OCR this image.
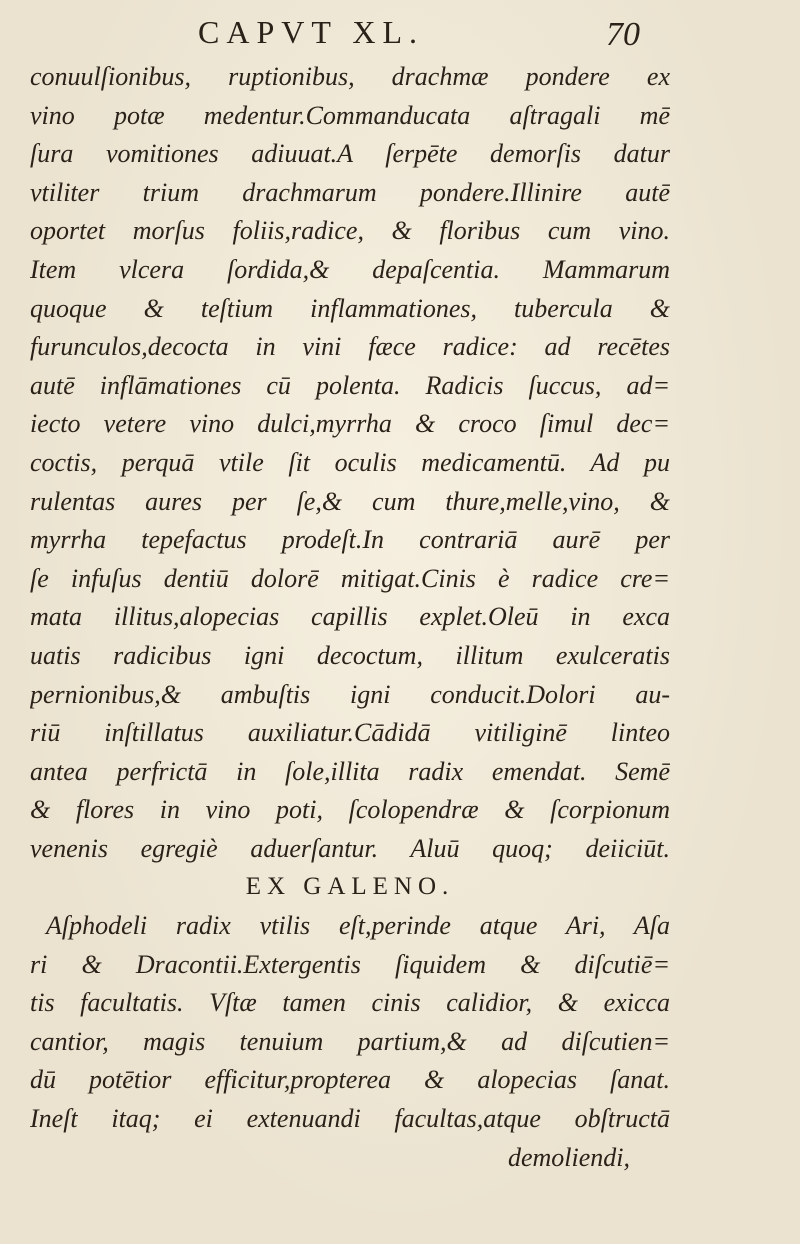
CAPVT XL.	70
conuulſionibus, ruptionibus, drachmæ pondere ex
vino potæ medentur.Commanducata aſtragali mē
ſura vomitiones adiuuat.A ſerpēte demorſis datur
vtiliter trium drachmarum pondere.Illinire autē
oportet morſus foliis,radice, & floribus cum vino.
Item vlcera ſordida,& depaſcentia. Mammarum
quoque & teſtium inflammationes, tubercula &
furunculos,decocta in vini fæce radice: ad recētes
autē inflāmationes cū polenta. Radicis ſuccus, ad=
iecto vetere vino dulci,myrrha & croco ſimul dec=
coctis, perquā vtile ſit oculis medicamentū. Ad pu
rulentas aures per ſe,& cum thure,melle,vino, &
myrrha tepefactus prodeſt.In contrariā aurē per
ſe infuſus dentiū dolorē mitigat.Cinis è radice cre=
mata illitus,alopecias capillis explet.Oleū in exca
uatis radicibus igni decoctum, illitum exulceratis
pernionibus,& ambuſtis igni conducit.Dolori au-
riū inſtillatus auxiliatur.Cādidā vitiliginē linteo
antea perfrictā in ſole,illita radix emendat. Semē
& flores in vino poti, ſcolopendræ & ſcorpionum
venenis egregiè aduerſantur. Aluū quoq; deiiciūt.
EX GALENO.
Aſphodeli radix vtilis eſt,perinde atque Ari, Aſa
ri & Dracontii.Extergentis ſiquidem & diſcutiē=
tis facultatis. Vſtæ tamen cinis calidior, & exicca
cantior, magis tenuium partium,& ad diſcutien=
dū potētior efficitur,propterea & alopecias ſanat.
Ineſt itaq; ei extenuandi facultas,atque obſtructā
demoliendi,
